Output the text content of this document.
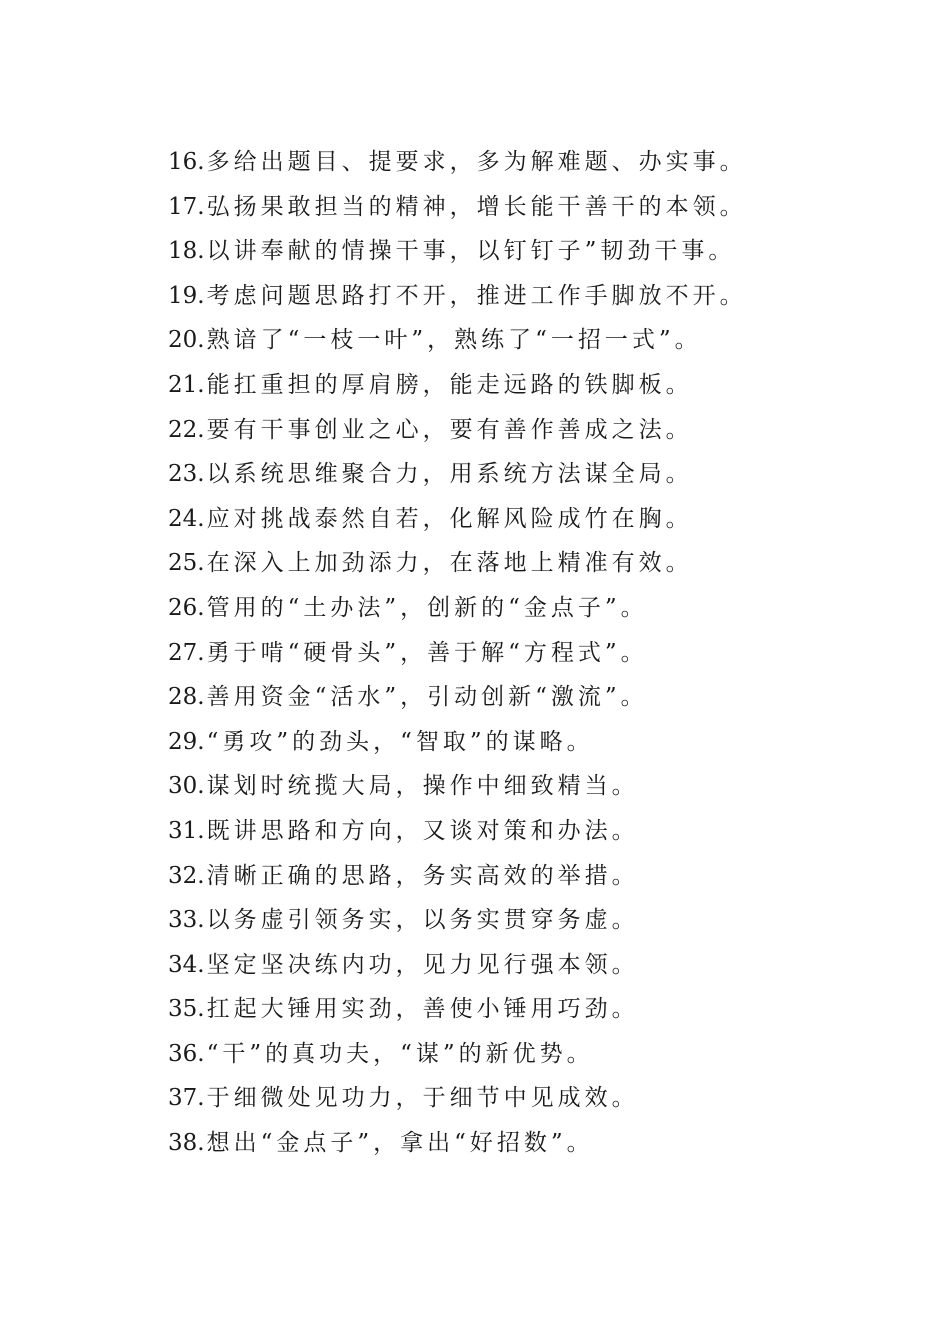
16.多给出题目、提要求，多为解难题、办实事。
17.弘扬果敢担当的精神，增长能干善干的本领。
18.以讲奉献的情操干事，以钉钉子”韧劲干事。
19.考虑问题思路打不开，推进工作手脚放不开。
20.熟谙了“一枝一叶”，熟练了“一招一式”。
21.能扛重担的厚肩膀，能走远路的铁脚板。
22.要有干事创业之心，要有善作善成之法。
23.以系统思维聚合力，用系统方法谋全局。
24.应对挑战泰然自若，化解风险成竹在胸。
25.在深入上加劲添力，在落地上精准有效。
26.管用的“土办法”，创新的“金点子”。
27.勇于啃“硬骨头”，善于解“方程式”。
28.善用资金“活水”，引动创新“激流”。
29.“勇攻”的劲头，“智取”的谋略。
30.谋划时统揽大局，操作中细致精当。
31.既讲思路和方向，又谈对策和办法。
32.清晰正确的思路，务实高效的举措。
33.以务虚引领务实，以务实贯穿务虚。
34.坚定坚决练内功，见力见行强本领。
35.扛起大锤用实劲，善使小锤用巧劲。
36.“干”的真功夫，“谋”的新优势。
37.于细微处见功力，于细节中见成效。
38.想出“金点子”，拿出“好招数”。
